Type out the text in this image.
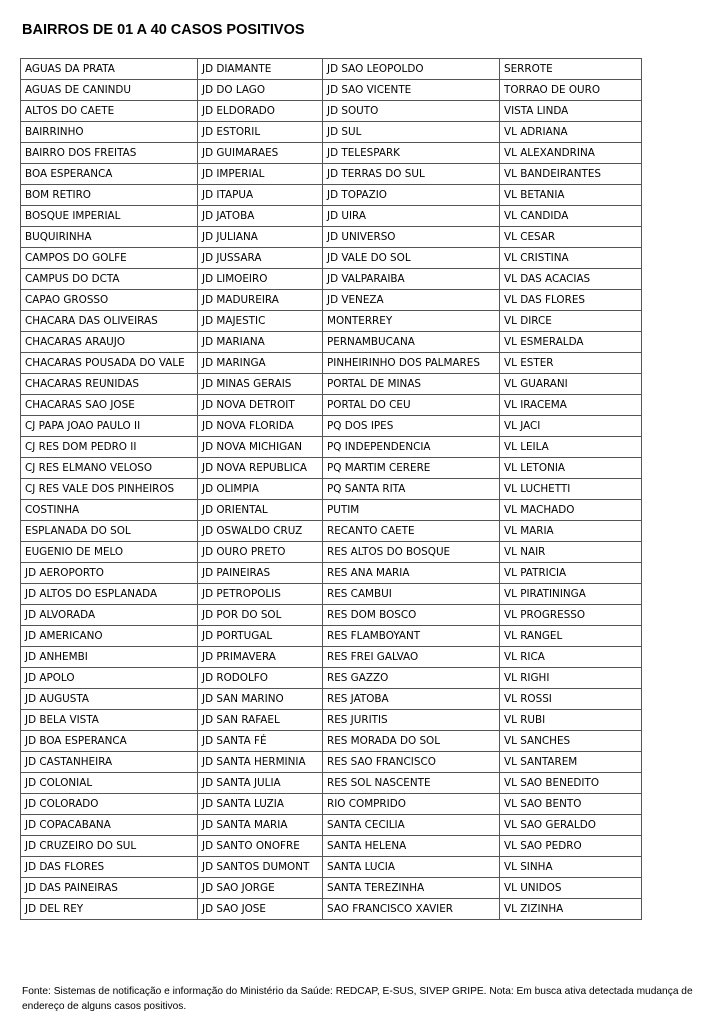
BAIRROS DE 01 A 40 CASOS POSITIVOS
AGUAS DA PRATA	JD DIAMANTE	JD SAO LEOPOLDO	SERROTE
AGUAS DE CANINDU	JD DO LAGO	JD SAO VICENTE	TORRAO DE OURO
ALTOS DO CAETE	JD ELDORADO	JD SOUTO	VISTA LINDA
BAIRRINHO	JD ESTORIL	JD SUL	VL ADRIANA
BAIRRO DOS FREITAS	JD GUIMARAES	JD TELESPARK	VL ALEXANDRINA
BOA ESPERANCA	JD IMPERIAL	JD TERRAS DO SUL	VL BANDEIRANTES
BOM RETIRO	JD ITAPUA	JD TOPAZIO	VL BETANIA
BOSQUE IMPERIAL	JD JATOBA	JD UIRA	VL CANDIDA
BUQUIRINHA	JD JULIANA	JD UNIVERSO	VL CESAR
CAMPOS DO GOLFE	JD JUSSARA	JD VALE DO SOL	VL CRISTINA
CAMPUS DO DCTA	JD LIMOEIRO	JD VALPARAIBA	VL DAS ACACIAS
CAPAO GROSSO	JD MADUREIRA	JD VENEZA	VL DAS FLORES
CHACARA DAS OLIVEIRAS	JD MAJESTIC	MONTERREY	VL DIRCE
CHACARAS ARAUJO	JD MARIANA	PERNAMBUCANA	VL ESMERALDA
CHACARAS POUSADA DO VALE	JD MARINGA	PINHEIRINHO DOS PALMARES	VL ESTER
CHACARAS REUNIDAS	JD MINAS GERAIS	PORTAL DE MINAS	VL GUARANI
CHACARAS SAO JOSE	JD NOVA DETROIT	PORTAL DO CEU	VL IRACEMA
CJ PAPA JOAO PAULO II	JD NOVA FLORIDA	PQ DOS IPES	VL JACI
CJ RES DOM PEDRO II	JD NOVA MICHIGAN	PQ INDEPENDENCIA	VL LEILA
CJ RES ELMANO VELOSO	JD NOVA REPUBLICA	PQ MARTIM CERERE	VL LETONIA
CJ RES VALE DOS PINHEIROS	JD OLIMPIA	PQ SANTA RITA	VL LUCHETTI
COSTINHA	JD ORIENTAL	PUTIM	VL MACHADO
ESPLANADA DO SOL	JD OSWALDO CRUZ	RECANTO CAETE	VL MARIA
EUGENIO DE MELO	JD OURO PRETO	RES ALTOS DO BOSQUE	VL NAIR
JD AEROPORTO	JD PAINEIRAS	RES ANA MARIA	VL PATRICIA
JD ALTOS DO ESPLANADA	JD PETROPOLIS	RES CAMBUI	VL PIRATININGA
JD ALVORADA	JD POR DO SOL	RES DOM BOSCO	VL PROGRESSO
JD AMERICANO	JD PORTUGAL	RES FLAMBOYANT	VL RANGEL
JD ANHEMBI	JD PRIMAVERA	RES FREI GALVAO	VL RICA
JD APOLO	JD RODOLFO	RES GAZZO	VL RIGHI
JD AUGUSTA	JD SAN MARINO	RES JATOBA	VL ROSSI
JD BELA VISTA	JD SAN RAFAEL	RES JURITIS	VL RUBI
JD BOA ESPERANCA	JD SANTA FÉ	RES MORADA DO SOL	VL SANCHES
JD CASTANHEIRA	JD SANTA HERMINIA	RES SAO FRANCISCO	VL SANTAREM
JD COLONIAL	JD SANTA JULIA	RES SOL NASCENTE	VL SAO BENEDITO
JD COLORADO	JD SANTA LUZIA	RIO COMPRIDO	VL SAO BENTO
JD COPACABANA	JD SANTA MARIA	SANTA CECILIA	VL SAO GERALDO
JD CRUZEIRO DO SUL	JD SANTO ONOFRE	SANTA HELENA	VL SAO PEDRO
JD DAS FLORES	JD SANTOS DUMONT	SANTA LUCIA	VL SINHA
JD DAS PAINEIRAS	JD SAO JORGE	SANTA TEREZINHA	VL UNIDOS
JD DEL REY	JD SAO JOSE	SAO FRANCISCO XAVIER	VL ZIZINHA

Fonte: Sistemas de notificação e informação do Ministério da Saúde: REDCAP, E-SUS, SIVEP GRIPE. Nota: Em busca ativa detectada mudança de endereço de alguns casos positivos.
